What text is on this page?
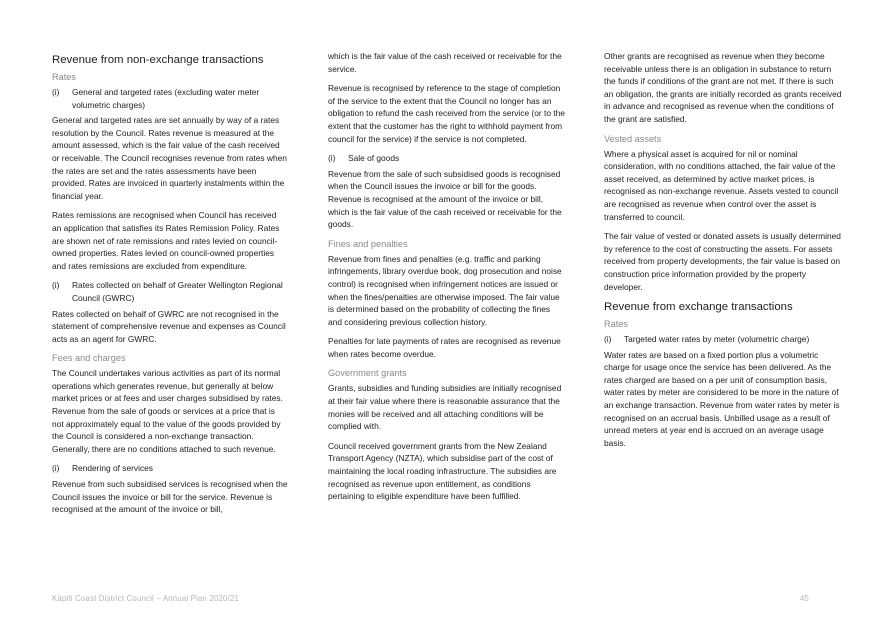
Revenue from non-exchange transactions
Rates
(i)	General and targeted rates (excluding water meter volumetric charges)

General and targeted rates are set annually by way of a rates resolution by the Council. Rates revenue is measured at the amount assessed, which is the fair value of the cash received or receivable. The Council recognises revenue from rates when the rates are set and the rates assessments have been provided. Rates are invoiced in quarterly instalments within the financial year.

Rates remissions are recognised when Council has received an application that satisfies its Rates Remission Policy. Rates are shown net of rate remissions and rates levied on council-owned properties. Rates levied on council-owned properties and rates remissions are excluded from expenditure.

(i)	Rates collected on behalf of Greater Wellington Regional Council (GWRC)

Rates collected on behalf of GWRC are not recognised in the statement of comprehensive revenue and expenses as Council acts as an agent for GWRC.

Fees and charges

The Council undertakes various activities as part of its normal operations which generates revenue, but generally at below market prices or at fees and user charges subsidised by rates. Revenue from the sale of goods or services at a price that is not approximately equal to the value of the goods provided by the Council is considered a non-exchange transaction. Generally, there are no conditions attached to such revenue.

(i)	Rendering of services

Revenue from such subsidised services is recognised when the Council issues the invoice or bill for the service. Revenue is recognised at the amount of the invoice or bill,

which is the fair value of the cash received or receivable for the service.

Revenue is recognised by reference to the stage of completion of the service to the extent that the Council no longer has an obligation to refund the cash received from the service (or to the extent that the customer has the right to withhold payment from council for the service) if the service is not completed.

(i)	Sale of goods

Revenue from the sale of such subsidised goods is recognised when the Council issues the invoice or bill for the goods. Revenue is recognised at the amount of the invoice or bill, which is the fair value of the cash received or receivable for the goods.

Fines and penalties

Revenue from fines and penalties (e.g. traffic and parking infringements, library overdue book, dog prosecution and noise control) is recognised when infringement notices are issued or when the fines/penalties are otherwise imposed. The fair value is determined based on the probability of collecting the fines and considering previous collection history.

Penalties for late payments of rates are recognised as revenue when rates become overdue.

Government grants

Grants, subsidies and funding subsidies are initially recognised at their fair value where there is reasonable assurance that the monies will be received and all attaching conditions will be complied with.

Council received government grants from the New Zealand Transport Agency (NZTA), which subsidise part of the cost of maintaining the local roading infrastructure. The subsidies are recognised as revenue upon entitlement, as conditions pertaining to eligible expenditure have been fulfilled.

Other grants are recognised as revenue when they become receivable unless there is an obligation in substance to return the funds if conditions of the grant are not met. If there is such an obligation, the grants are initially recorded as grants received in advance and recognised as revenue when the conditions of the grant are satisfied.

Vested assets

Where a physical asset is acquired for nil or nominal consideration, with no conditions attached, the fair value of the asset received, as determined by active market prices, is recognised as non-exchange revenue. Assets vested to council are recognised as revenue when control over the asset is transferred to council.

The fair value of vested or donated assets is usually determined by reference to the cost of constructing the assets. For assets received from property developments, the fair value is based on construction price information provided by the property developer.

Revenue from exchange transactions
Rates
(i)	Targeted water rates by meter (volumetric charge)

Water rates are based on a fixed portion plus a volumetric charge for usage once the service has been delivered. As the rates charged are based on a per unit of consumption basis, water rates by meter are considered to be more in the nature of an exchange transaction. Revenue from water rates by meter is recognised on an accrual basis. Unbilled usage as a result of unread meters at year end is accrued on an average usage basis.

Kāpiti Coast District Council – Annual Plan 2020/21	45
